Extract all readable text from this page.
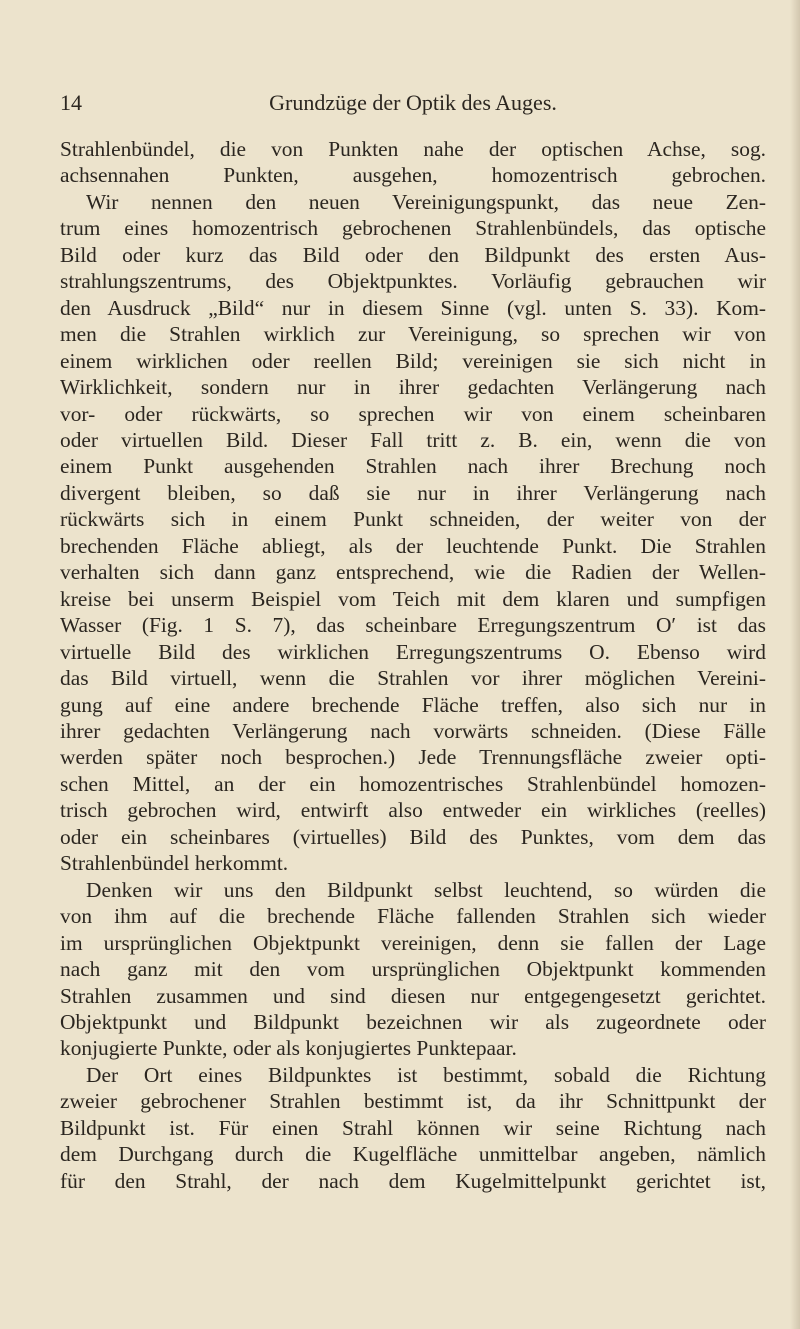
14	Grundzüge der Optik des Auges.

Strahlenbündel, die von Punkten nahe der optischen Achse, sog.
achsennahen Punkten, ausgehen, homozentrisch gebrochen.
Wir nennen den neuen Vereinigungspunkt, das neue Zen-
trum eines homozentrisch gebrochenen Strahlenbündels, das optische
Bild oder kurz das Bild oder den Bildpunkt des ersten Aus-
strahlungszentrums, des Objektpunktes. Vorläufig gebrauchen wir
den Ausdruck „Bild“ nur in diesem Sinne (vgl. unten S. 33). Kom-
men die Strahlen wirklich zur Vereinigung, so sprechen wir von
einem wirklichen oder reellen Bild; vereinigen sie sich nicht in
Wirklichkeit, sondern nur in ihrer gedachten Verlängerung nach
vor- oder rückwärts, so sprechen wir von einem scheinbaren
oder virtuellen Bild. Dieser Fall tritt z. B. ein, wenn die von
einem Punkt ausgehenden Strahlen nach ihrer Brechung noch
divergent bleiben, so daß sie nur in ihrer Verlängerung nach
rückwärts sich in einem Punkt schneiden, der weiter von der
brechenden Fläche abliegt, als der leuchtende Punkt. Die Strahlen
verhalten sich dann ganz entsprechend, wie die Radien der Wellen-
kreise bei unserm Beispiel vom Teich mit dem klaren und sumpfigen
Wasser (Fig. 1 S. 7), das scheinbare Erregungszentrum O′ ist das
virtuelle Bild des wirklichen Erregungszentrums O. Ebenso wird
das Bild virtuell, wenn die Strahlen vor ihrer möglichen Vereini-
gung auf eine andere brechende Fläche treffen, also sich nur in
ihrer gedachten Verlängerung nach vorwärts schneiden. (Diese Fälle
werden später noch besprochen.) Jede Trennungsfläche zweier opti-
schen Mittel, an der ein homozentrisches Strahlenbündel homozen-
trisch gebrochen wird, entwirft also entweder ein wirkliches (reelles)
oder ein scheinbares (virtuelles) Bild des Punktes, vom dem das
Strahlenbündel herkommt.

Denken wir uns den Bildpunkt selbst leuchtend, so würden die
von ihm auf die brechende Fläche fallenden Strahlen sich wieder
im ursprünglichen Objektpunkt vereinigen, denn sie fallen der Lage
nach ganz mit den vom ursprünglichen Objektpunkt kommenden
Strahlen zusammen und sind diesen nur entgegengesetzt gerichtet.
Objektpunkt und Bildpunkt bezeichnen wir als zugeordnete oder
konjugierte Punkte, oder als konjugiertes Punktepaar.

Der Ort eines Bildpunktes ist bestimmt, sobald die Richtung
zweier gebrochener Strahlen bestimmt ist, da ihr Schnittpunkt der
Bildpunkt ist. Für einen Strahl können wir seine Richtung nach
dem Durchgang durch die Kugelfläche unmittelbar angeben, nämlich
für den Strahl, der nach dem Kugelmittelpunkt gerichtet ist,
